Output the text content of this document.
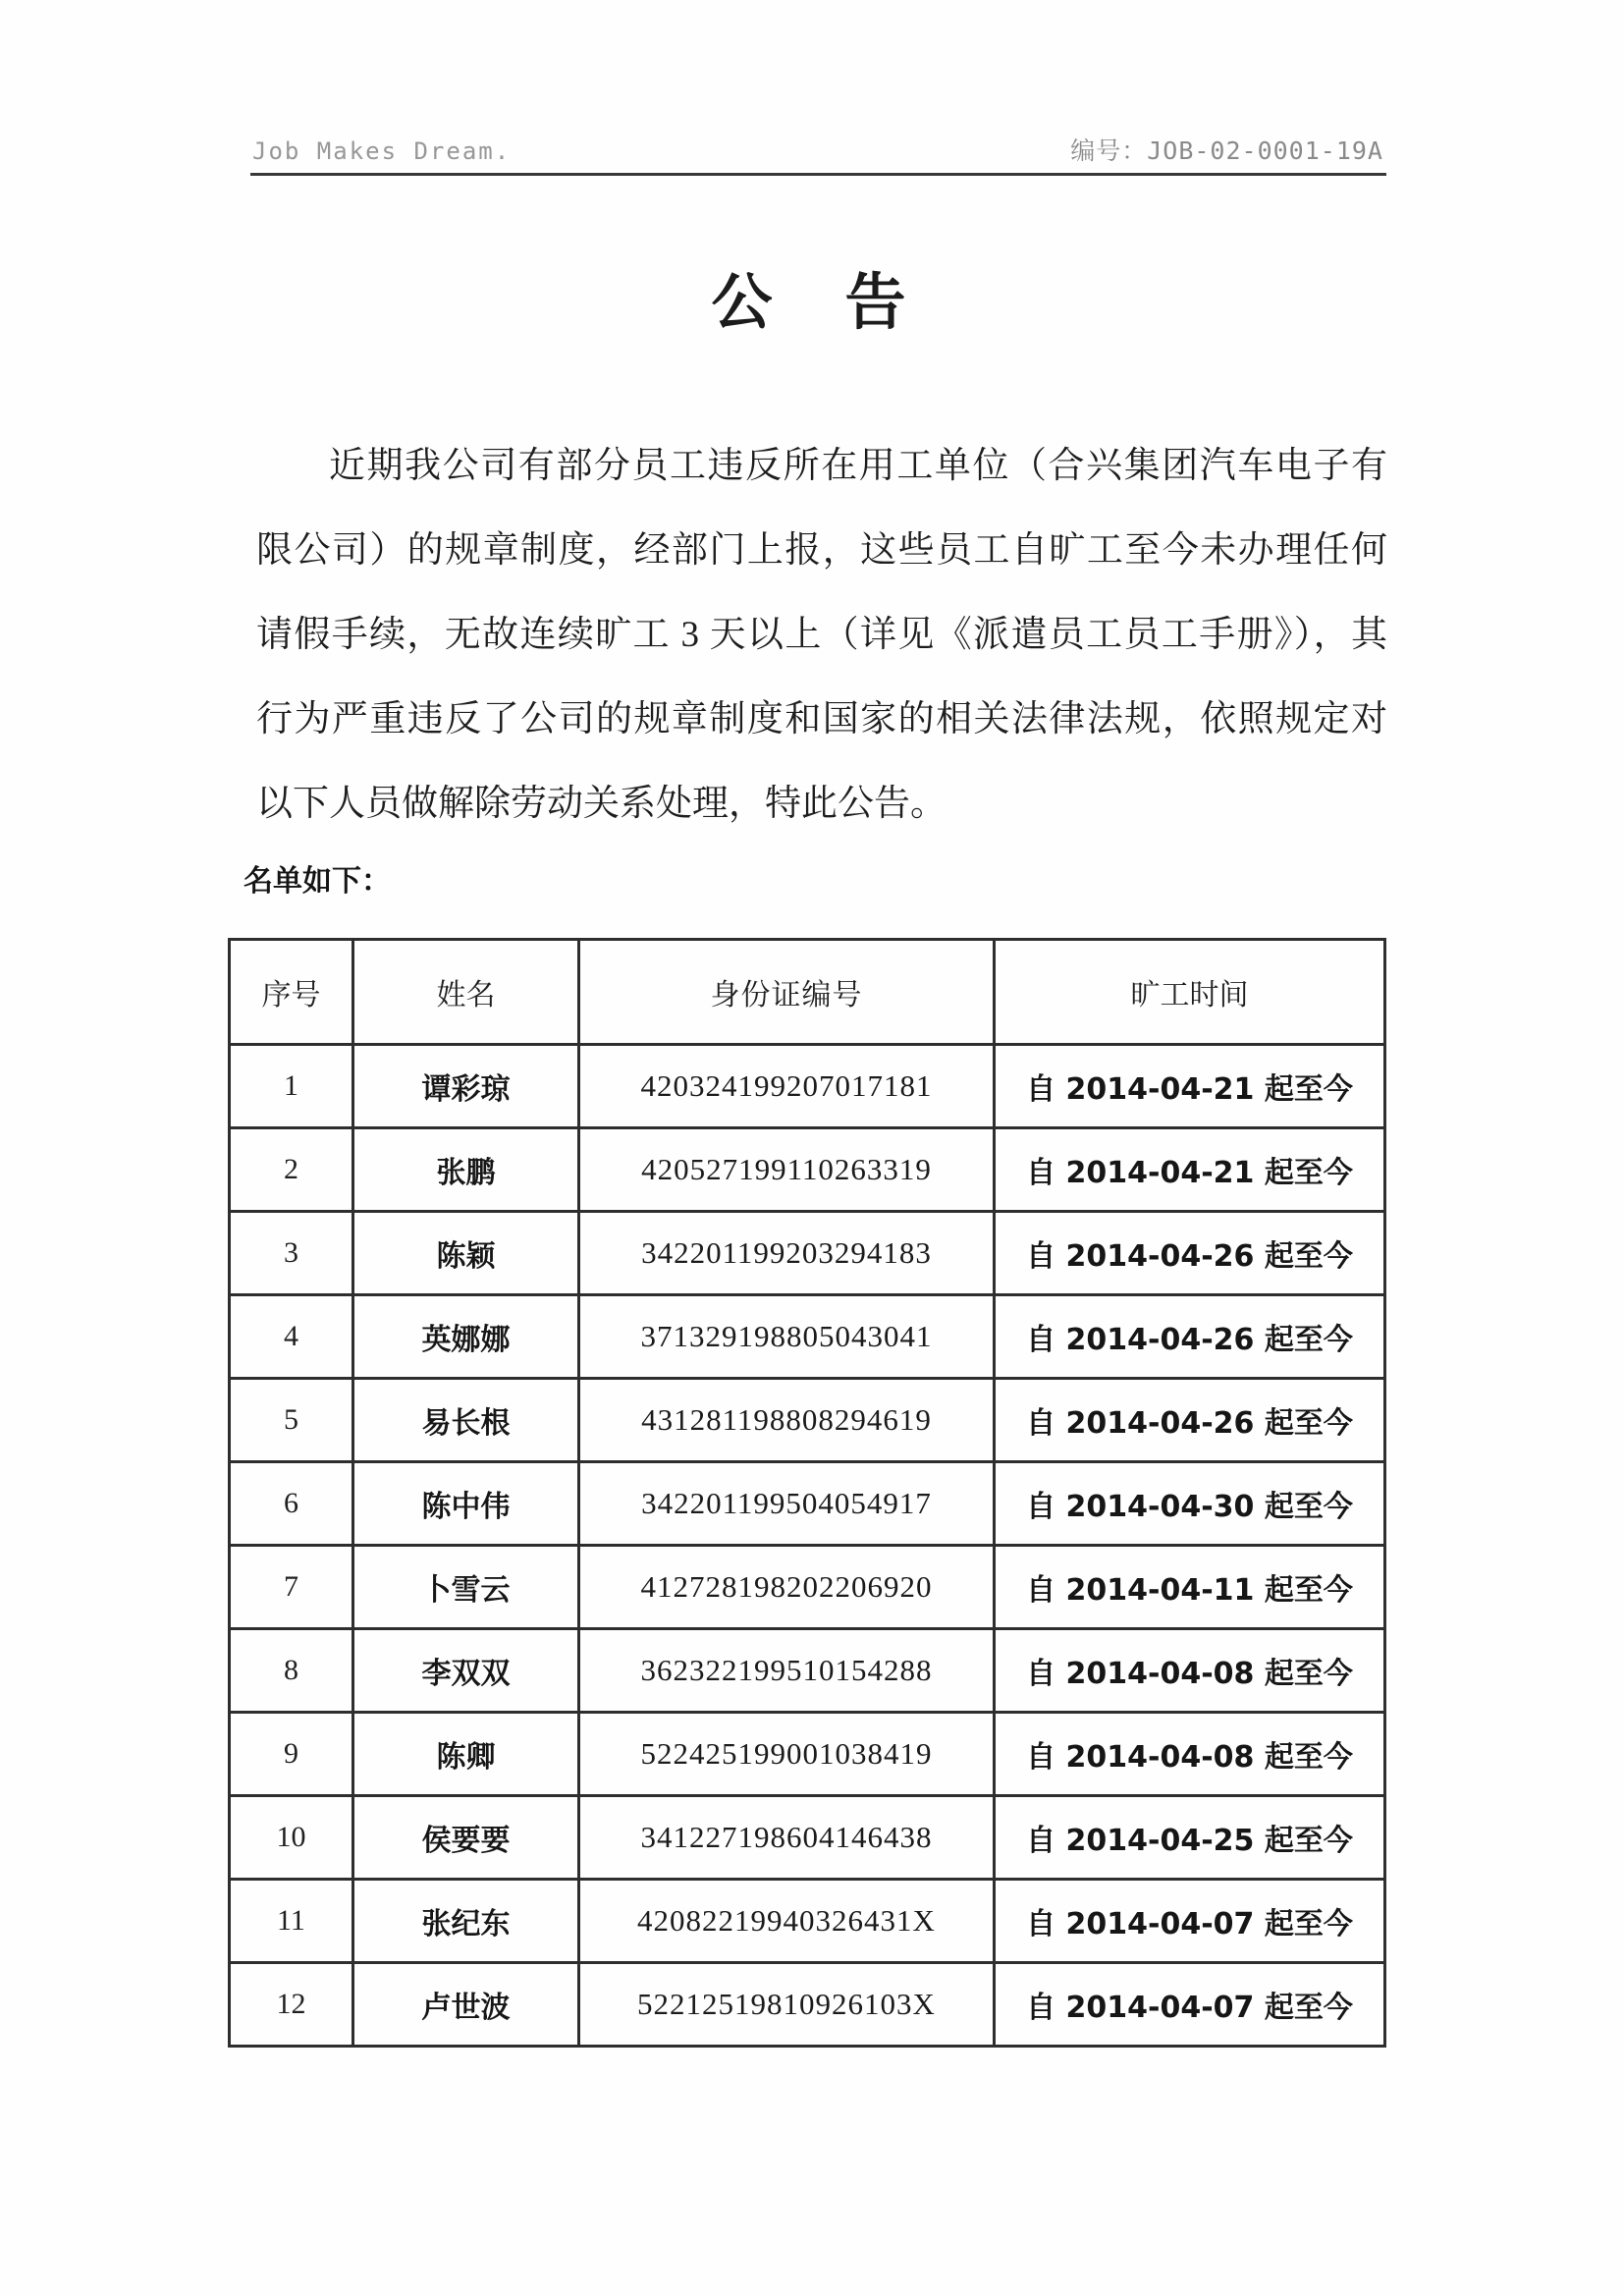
Job Makes Dream.	编号：JOB-02-0001-19A
公　告
近期我公司有部分员工违反所在用工单位（合兴集团汽车电子有
限公司）的规章制度，经部门上报，这些员工自旷工至今未办理任何
请假手续，无故连续旷工 3 天以上（详见《派遣员工员工手册》），其
行为严重违反了公司的规章制度和国家的相关法律法规，依照规定对
以下人员做解除劳动关系处理，特此公告。
名单如下：
序号	姓名	身份证编号	旷工时间
1	谭彩琼	420324199207017181	自 2014-04-21 起至今
2	张鹏	420527199110263319	自 2014-04-21 起至今
3	陈颖	342201199203294183	自 2014-04-26 起至今
4	英娜娜	371329198805043041	自 2014-04-26 起至今
5	易长根	431281198808294619	自 2014-04-26 起至今
6	陈中伟	342201199504054917	自 2014-04-30 起至今
7	卜雪云	412728198202206920	自 2014-04-11 起至今
8	李双双	362322199510154288	自 2014-04-08 起至今
9	陈卿	522425199001038419	自 2014-04-08 起至今
10	侯要要	341227198604146438	自 2014-04-25 起至今
11	张纪东	42082219940326431X	自 2014-04-07 起至今
12	卢世波	52212519810926103X	自 2014-04-07 起至今
